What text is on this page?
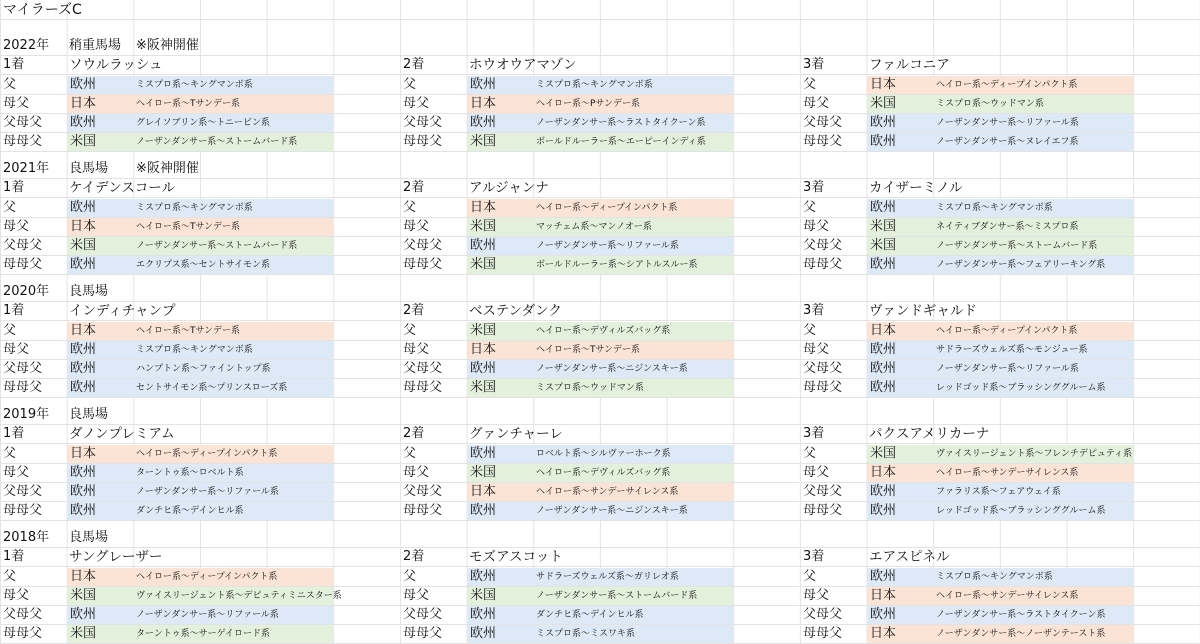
マイラーズC
2022年 稍重馬場 ※阪神開催
1着	ソウルラッシュ	2着	ホウオウアマゾン	3着	ファルコニア
父	欧州	ミスプロ系～キングマンボ系	父	欧州	ミスプロ系～キングマンボ系	父	日本	ヘイロー系～ディープインパクト系
母父	日本	ヘイロー系～Tサンデー系	母父	日本	ヘイロー系～Pサンデー系	母父	米国	ミスプロ系～ウッドマン系
父母父 欧州	グレイソブリン系～トニービン系	父母父 欧州	ノーザンダンサー系～ラストタイクーン系	父母父 欧州	ノーザンダンサー系～リファール系
母母父 米国	ノーザンダンサー系～ストームバード系	母母父 米国	ボールドルーラー系～エーピーインディ系	母母父 欧州	ノーザンダンサー系～ヌレイエフ系
2021年 良馬場 ※阪神開催
1着	ケイデンスコール	2着	アルジャンナ	3着	カイザーミノル
父	欧州	ミスプロ系～キングマンボ系	父	日本	ヘイロー系～ディープインパクト系	父	欧州	ミスプロ系～キングマンボ系
母父	日本	ヘイロー系～Tサンデー系	母父	米国	マッチェム系～マンノオー系	母父	米国	ネイティブダンサー系～ミスプロ系
父母父 米国	ノーザンダンサー系～ストームバード系	父母父 欧州	ノーザンダンサー系～リファール系	父母父 米国	ノーザンダンサー系～ストームバード系
母母父 欧州	エクリプス系～セントサイモン系	母母父 米国	ボールドルーラー系～シアトルスルー系	母母父 欧州	ノーザンダンサー系～フェアリーキング系
2020年 良馬場
1着	インディチャンプ	2着	ベステンダンク	3着	ヴァンドギャルド
父	日本	ヘイロー系～Tサンデー系	父	米国	ヘイロー系～デヴィルズバッグ系	父	日本	ヘイロー系～ディープインパクト系
母父	欧州	ミスプロ系～キングマンボ系	母父	日本	ヘイロー系～Tサンデー系	母父	欧州	サドラーズウェルズ系～モンジュー系
父母父 欧州	ハンプトン系～ファイントップ系	父母父 欧州	ノーザンダンサー系～ニジンスキー系	父母父 欧州	ノーザンダンサー系～リファール系
母母父 欧州	セントサイモン系～プリンスローズ系	母母父 米国	ミスプロ系～ウッドマン系	母母父 欧州	レッドゴッド系～ブラッシンググルーム系
2019年 良馬場
1着	ダノンプレミアム	2着	グァンチャーレ	3着	パクスアメリカーナ
父	日本	ヘイロー系～ディープインパクト系	父	欧州	ロベルト系～シルヴァーホーク系	父	米国	ヴァイスリージェント系～フレンチデピュティ系
母父	欧州	ターントゥ系～ロベルト系	母父	米国	ヘイロー系～デヴィルズバッグ系	母父	日本	ヘイロー系～サンデーサイレンス系
父母父 欧州	ノーザンダンサー系～リファール系	父母父 日本	ヘイロー系～サンデーサイレンス系	父母父 欧州	ファラリス系～フェアウェイ系
母母父 欧州	ダンチヒ系～デインヒル系	母母父 欧州	ノーザンダンサー系～ニジンスキー系	母母父 欧州	レッドゴッド系～ブラッシンググルーム系
2018年 良馬場
1着	サングレーザー	2着	モズアスコット	3着	エアスピネル
父	日本	ヘイロー系～ディープインパクト系	父	欧州	サドラーズウェルズ系～ガリレオ系	父	欧州	ミスプロ系～キングマンボ系
母父	米国	ヴァイスリージェント系～デピュティミニスター系	母父	米国	ノーザンダンサー系～ストームバード系	母父	日本	ヘイロー系～サンデーサイレンス系
父母父 欧州	ノーザンダンサー系～リファール系	父母父 欧州	ダンチヒ系～デインヒル系	父母父 欧州	ノーザンダンサー系～ラストタイクーン系
母母父 米国	ターントゥ系～サーゲイロード系	母母父 欧州	ミスプロ系～ミスワキ系	母母父 日本	ノーザンダンサー系～ノーザンテースト系
